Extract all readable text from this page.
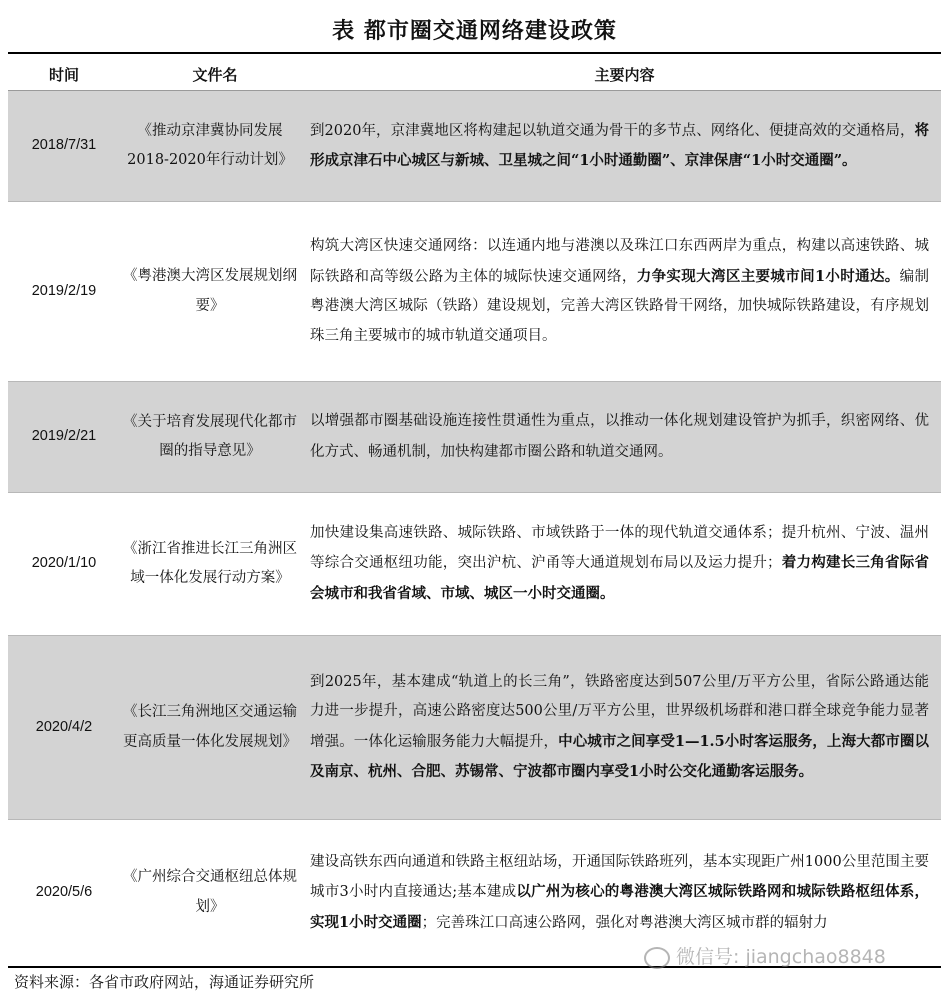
表 都市圈交通网络建设政策
时间	文件名	主要内容
2018/7/31	《推动京津冀协同发展2018-2020年行动计划》	到2020年，京津冀地区将构建起以轨道交通为骨干的多节点、网络化、便捷高效的交通格局，将形成京津石中心城区与新城、卫星城之间“1小时通勤圈”、京津保唐“1小时交通圈”。
2019/2/19	《粤港澳大湾区发展规划纲要》	构筑大湾区快速交通网络：以连通内地与港澳以及珠江口东西两岸为重点，构建以高速铁路、城际铁路和高等级公路为主体的城际快速交通网络，力争实现大湾区主要城市间1小时通达。编制粤港澳大湾区城际（铁路）建设规划，完善大湾区铁路骨干网络，加快城际铁路建设，有序规划珠三角主要城市的城市轨道交通项目。
2019/2/21	《关于培育发展现代化都市圈的指导意见》	以增强都市圈基础设施连接性贯通性为重点，以推动一体化规划建设管护为抓手，织密网络、优化方式、畅通机制，加快构建都市圈公路和轨道交通网。
2020/1/10	《浙江省推进长江三角洲区域一体化发展行动方案》	加快建设集高速铁路、城际铁路、市域铁路于一体的现代轨道交通体系；提升杭州、宁波、温州等综合交通枢纽功能，突出沪杭、沪甬等大通道规划布局以及运力提升；着力构建长三角省际省会城市和我省省域、市域、城区一小时交通圈。
2020/4/2	《长江三角洲地区交通运输更高质量一体化发展规划》	到2025年，基本建成“轨道上的长三角”，铁路密度达到507公里/万平方公里，省际公路通达能力进一步提升，高速公路密度达500公里/万平方公里，世界级机场群和港口群全球竞争能力显著增强。一体化运输服务能力大幅提升，中心城市之间享受1—1.5小时客运服务，上海大都市圈以及南京、杭州、合肥、苏锡常、宁波都市圈内享受1小时公交化通勤客运服务。
2020/5/6	《广州综合交通枢纽总体规划》	建设高铁东西向通道和铁路主枢纽站场，开通国际铁路班列，基本实现距广州1000公里范围主要城市3小时内直接通达;基本建成以广州为核心的粤港澳大湾区城际铁路网和城际铁路枢纽体系，实现1小时交通圈；完善珠江口高速公路网，强化对粤港澳大湾区城市群的辐射力
资料来源：各省市政府网站，海通证券研究所
微信号: jiangchao8848
